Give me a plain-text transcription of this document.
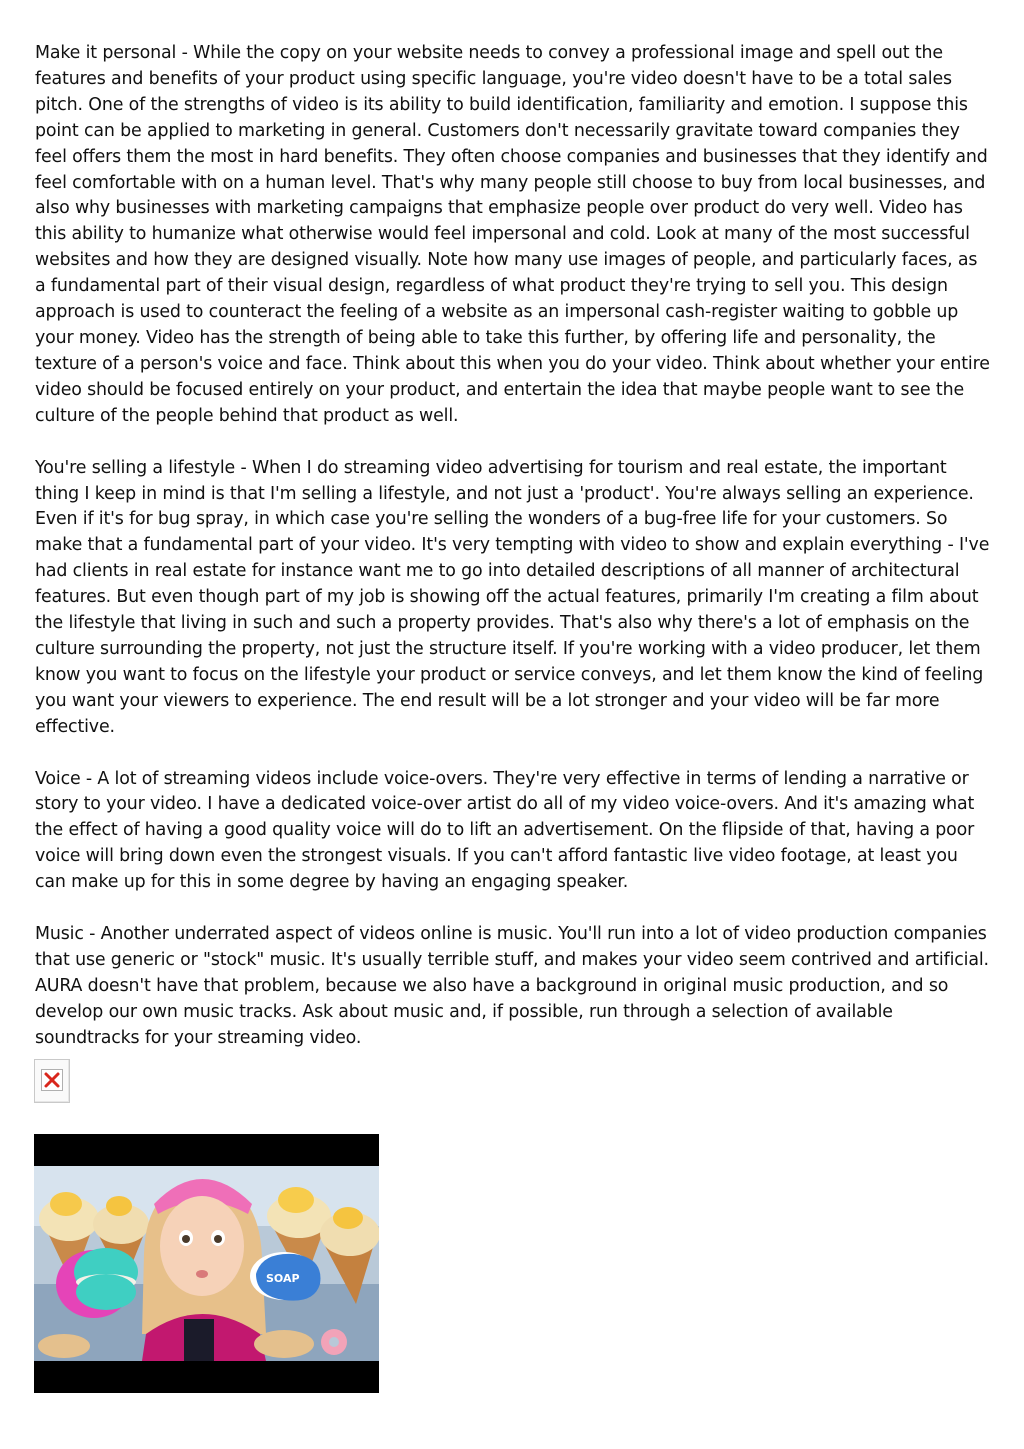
Make it personal - While the copy on your website needs to convey a professional image and spell out the features and benefits of your product using specific language, you're video doesn't have to be a total sales pitch. One of the strengths of video is its ability to build identification, familiarity and emotion. I suppose this point can be applied to marketing in general. Customers don't necessarily gravitate toward companies they feel offers them the most in hard benefits. They often choose companies and businesses that they identify and feel comfortable with on a human level. That's why many people still choose to buy from local businesses, and also why businesses with marketing campaigns that emphasize people over product do very well. Video has this ability to humanize what otherwise would feel impersonal and cold. Look at many of the most successful websites and how they are designed visually. Note how many use images of people, and particularly faces, as a fundamental part of their visual design, regardless of what product they're trying to sell you. This design approach is used to counteract the feeling of a website as an impersonal cash-register waiting to gobble up your money. Video has the strength of being able to take this further, by offering life and personality, the texture of a person's voice and face. Think about this when you do your video. Think about whether your entire video should be focused entirely on your product, and entertain the idea that maybe people want to see the culture of the people behind that product as well.

You're selling a lifestyle - When I do streaming video advertising for tourism and real estate, the important thing I keep in mind is that I'm selling a lifestyle, and not just a 'product'. You're always selling an experience. Even if it's for bug spray, in which case you're selling the wonders of a bug-free life for your customers. So make that a fundamental part of your video. It's very tempting with video to show and explain everything - I've had clients in real estate for instance want me to go into detailed descriptions of all manner of architectural features. But even though part of my job is showing off the actual features, primarily I'm creating a film about the lifestyle that living in such and such a property provides. That's also why there's a lot of emphasis on the culture surrounding the property, not just the structure itself. If you're working with a video producer, let them know you want to focus on the lifestyle your product or service conveys, and let them know the kind of feeling you want your viewers to experience. The end result will be a lot stronger and your video will be far more effective.

Voice - A lot of streaming videos include voice-overs. They're very effective in terms of lending a narrative or story to your video. I have a dedicated voice-over artist do all of my video voice-overs. And it's amazing what the effect of having a good quality voice will do to lift an advertisement. On the flipside of that, having a poor voice will bring down even the strongest visuals. If you can't afford fantastic live video footage, at least you can make up for this in some degree by having an engaging speaker.

Music - Another underrated aspect of videos online is music. You'll run into a lot of video production companies that use generic or "stock" music. It's usually terrible stuff, and makes your video seem contrived and artificial. AURA doesn't have that problem, because we also have a background in original music production, and so develop our own music tracks. Ask about music and, if possible, run through a selection of available soundtracks for your streaming video.

SOAP
